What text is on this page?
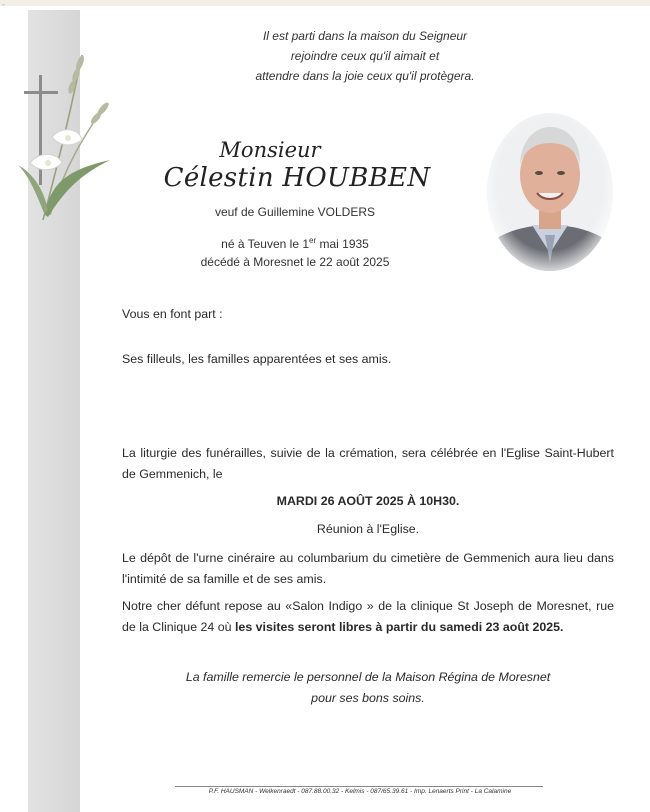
-
Il est parti dans la maison du Seigneur
rejoindre ceux qu'il aimait et
attendre dans la joie ceux qu'il protègera.
Monsieur
Célestin HOUBBEN
veuf de Guillemine VOLDERS
né à Teuven le 1er mai 1935
décédé à Moresnet le 22 août 2025
Vous en font part :
Ses filleuls, les familles apparentées et ses amis.
La liturgie des funérailles, suivie de la crémation, sera célébrée en l'Eglise Saint-Hubert de Gemmenich, le
MARDI 26 AOÛT 2025 À 10H30.
Réunion à l'Eglise.
Le dépôt de l'urne cinéraire au columbarium du cimetière de Gemmenich aura lieu dans l'intimité de sa famille et de ses amis.
Notre cher défunt repose au «Salon Indigo » de la clinique St Joseph de Moresnet, rue de la Clinique 24 où les visites seront libres à partir du samedi 23 août 2025.
La famille remercie le personnel de la Maison Régina de Moresnet
pour ses bons soins.
P.F. HAUSMAN - Welkenraedt - 087.88.00.32 - Kelmis - 087/65.39.61 - Imp. Lenaerts Print - La Calamine
